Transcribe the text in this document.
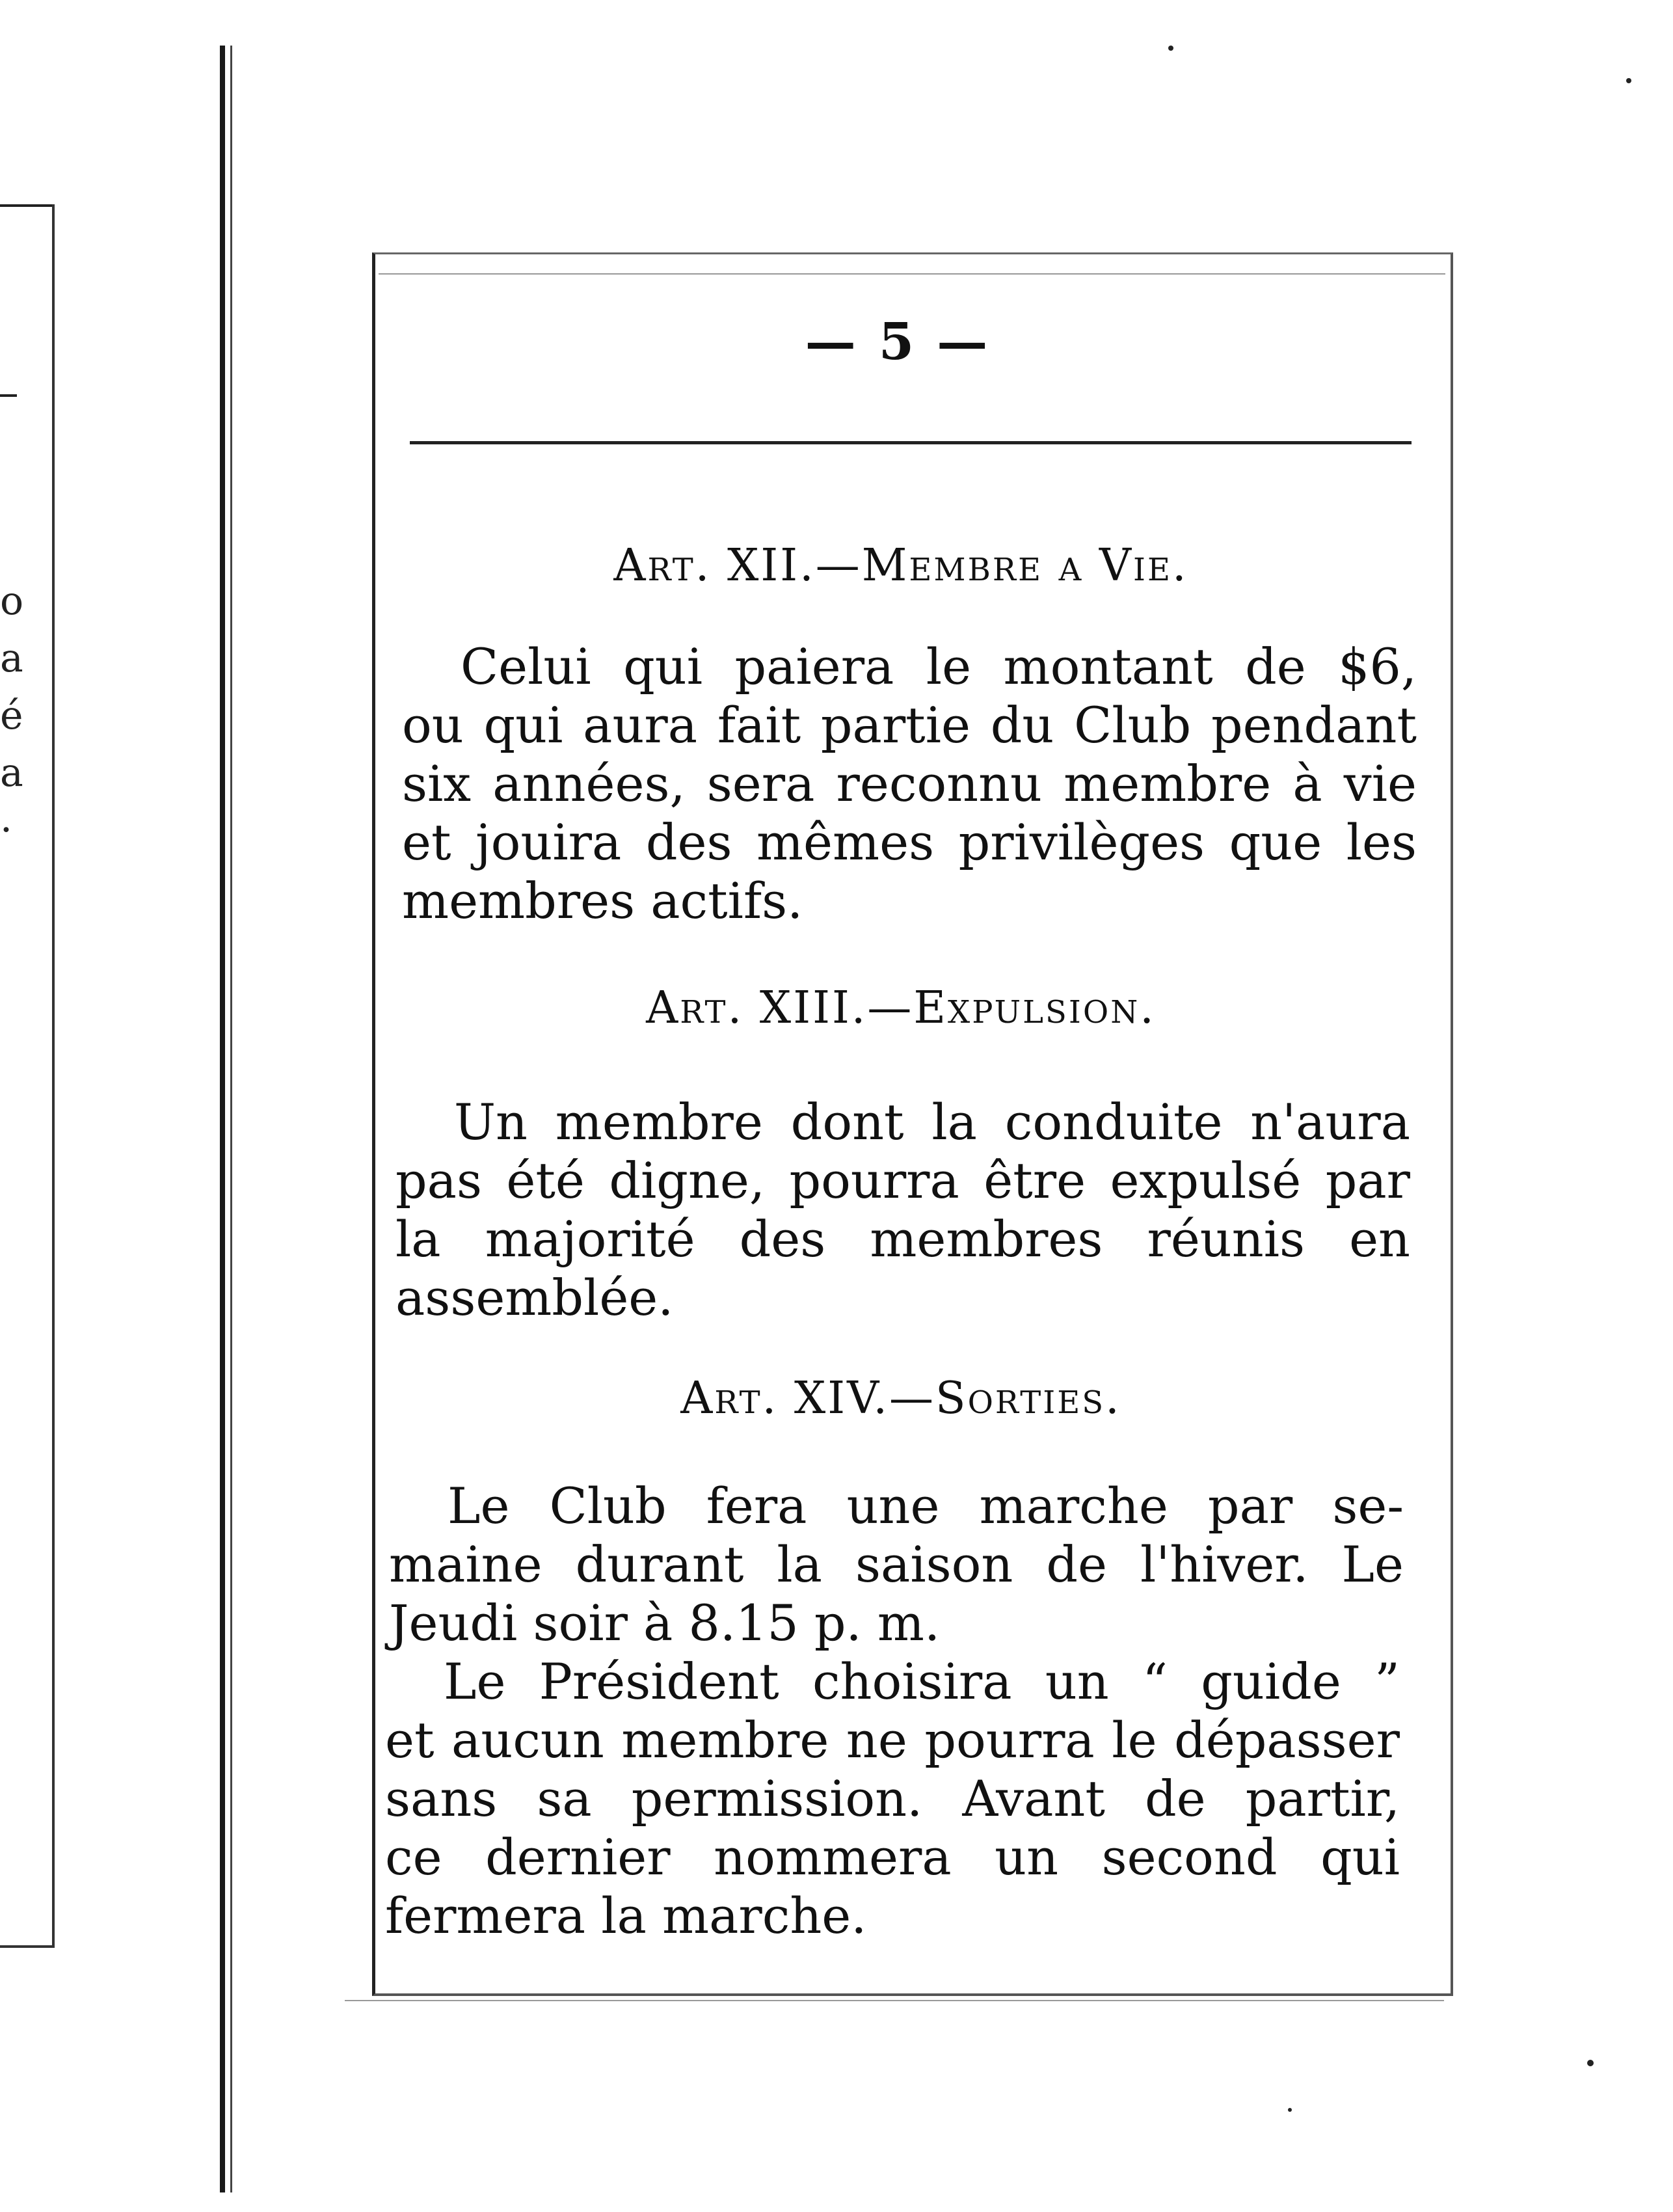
o
a
é
a
·
— 5 —
Art. XII.—Membre a Vie.
Celui qui paiera le montant de $6,
ou qui aura fait partie du Club pendant
six années, sera reconnu membre à vie
et jouira des mêmes privilèges que les
membres actifs.
Art. XIII.—Expulsion.
Un membre dont la conduite n'aura
pas été digne, pourra être expulsé par
la majorité des membres réunis en
assemblée.
Art. XIV.—Sorties.
Le Club fera une marche par se-
maine durant la saison de l'hiver. Le
Jeudi soir à 8.15 p. m.
Le Président choisira un “ guide ”
et aucun membre ne pourra le dépasser
sans sa permission. Avant de partir,
ce dernier nommera un second qui
fermera la marche.
